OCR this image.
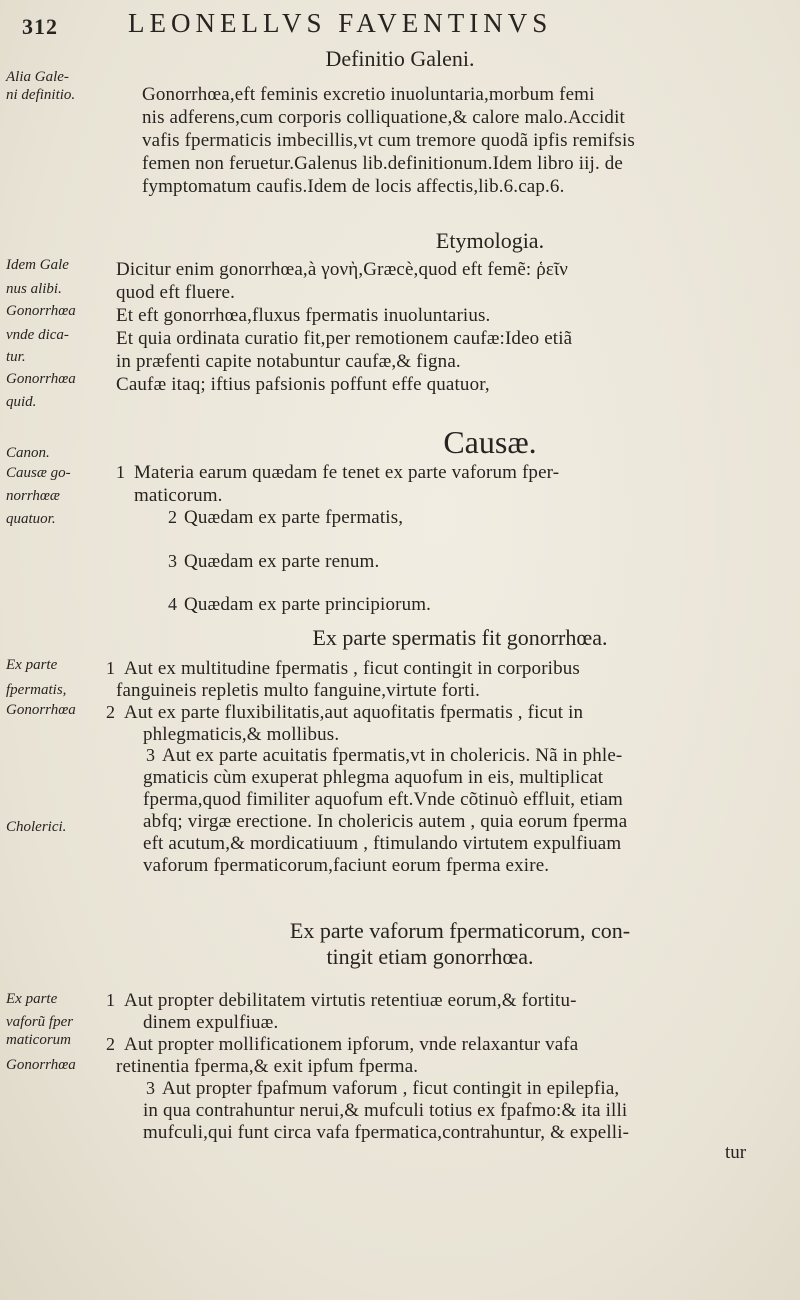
312	LEONELLVS FAVENTINVS
Definitio Galeni.
Etymologia.
Causæ.
Ex parte spermatis fit gonorrhœa.
Ex parte vaforum fpermaticorum, con-
tingit etiam gonorrhœa.
Alia Gale-
ni definitio.
Idem Gale
nus alibi.
Gonorrhœa
vnde dica-
tur.
Gonorrhœa
quid.
Canon.
Causæ go-
norrhœæ
quatuor.
Ex parte
fpermatis,
Gonorrhœa
Cholerici.
Ex parte
vaforũ fper
maticorum
Gonorrhœa
1
2
3
4
1
2
3
1
2
3
Gonorrhœa,eft feminis excretio inuoluntaria,morbum femi
nis adferens,cum corporis colliquatione,& calore malo.Accidit
vafis fpermaticis imbecillis,vt cum tremore quodã ipfis remifsis
femen non feruetur.Galenus lib.definitionum.Idem libro iij. de
fymptomatum caufis.Idem de locis affectis,lib.6.cap.6.
Dicitur enim gonorrhœa,à γονὴ,Græcè,quod eft femẽ: ῥεῖν
quod eft fluere.
Et eft gonorrhœa,fluxus fpermatis inuoluntarius.
Et quia ordinata curatio fit,per remotionem caufæ:Ideo etiã
in præfenti capite notabuntur caufæ,& figna.
Caufæ itaq; iftius pafsionis poffunt effe quatuor,
Materia earum quædam fe tenet ex parte vaforum fper-
maticorum.
Quædam ex parte fpermatis,
Quædam ex parte renum.
Quædam ex parte principiorum.
Aut ex multitudine fpermatis , ficut contingit in corporibus
fanguineis repletis multo fanguine,virtute forti.
Aut ex parte fluxibilitatis,aut aquofitatis fpermatis , ficut in
phlegmaticis,& mollibus.
Aut ex parte acuitatis fpermatis,vt in cholericis. Nã in phle-
gmaticis cùm exuperat phlegma aquofum in eis, multiplicat
fperma,quod fimiliter aquofum eft.Vnde cõtinuò effluit, etiam
abfq; virgæ erectione. In cholericis autem , quia eorum fperma
eft acutum,& mordicatiuum , ftimulando virtutem expulfiuam
vaforum fpermaticorum,faciunt eorum fperma exire.
Aut propter debilitatem virtutis retentiuæ eorum,& fortitu-
dinem expulfiuæ.
Aut propter mollificationem ipforum, vnde relaxantur vafa
retinentia fperma,& exit ipfum fperma.
Aut propter fpafmum vaforum , ficut contingit in epilepfia,
in qua contrahuntur nerui,& mufculi totius ex fpafmo:& ita illi
mufculi,qui funt circa vafa fpermatica,contrahuntur, & expelli-
tur
